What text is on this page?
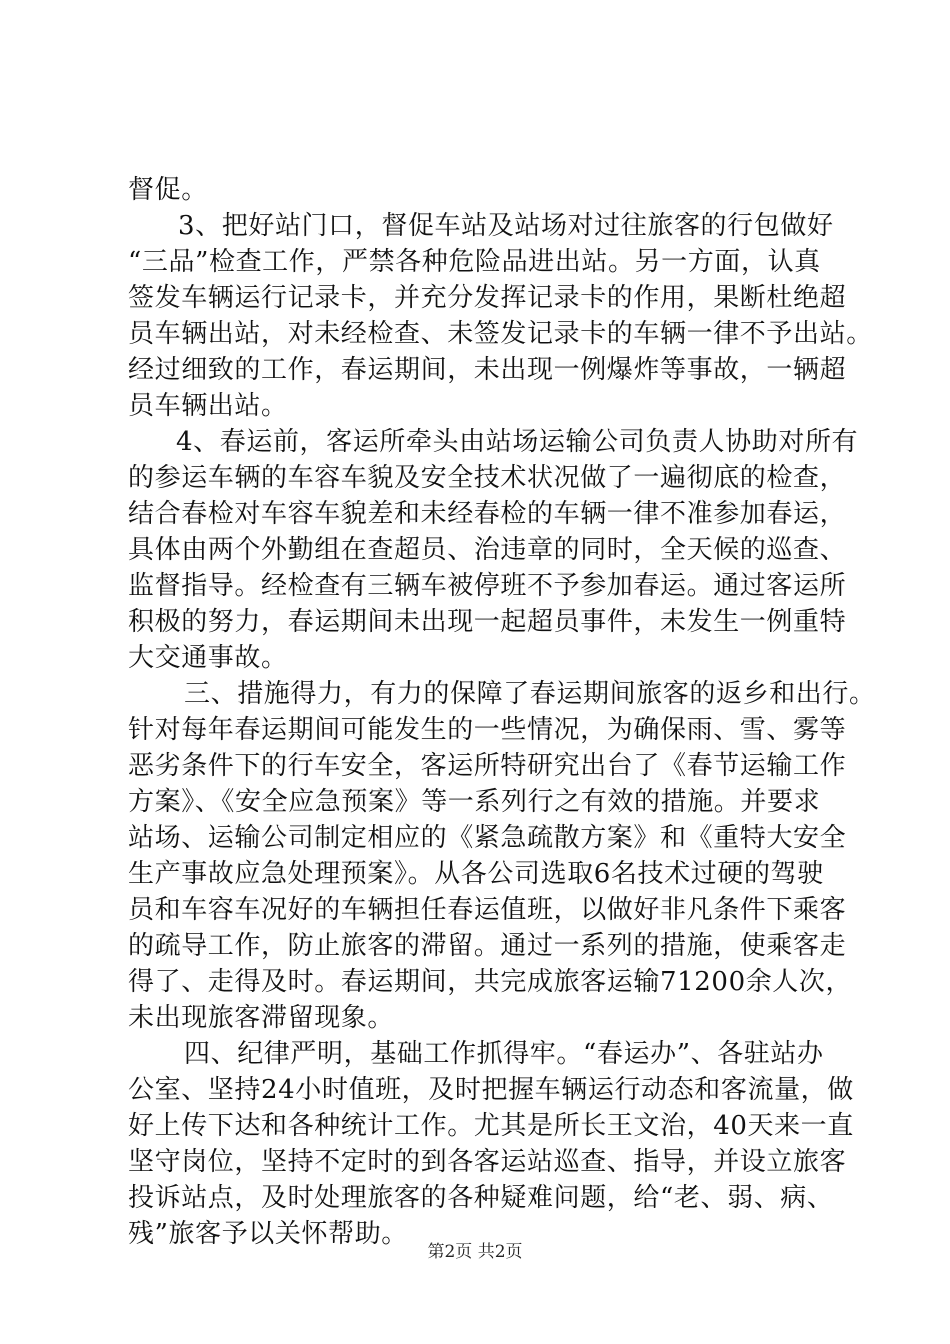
督促。
3、把好站门口，督促车站及站场对过往旅客的行包做好
“三品”检查工作，严禁各种危险品进出站。另一方面，认真
签发车辆运行记录卡，并充分发挥记录卡的作用，果断杜绝超
员车辆出站，对未经检查、未签发记录卡的车辆一律不予出站。
经过细致的工作，春运期间，未出现一例爆炸等事故，一辆超
员车辆出站。
4、春运前，客运所牵头由站场运输公司负责人协助对所有
的参运车辆的车容车貌及安全技术状况做了一遍彻底的检查，
结合春检对车容车貌差和未经春检的车辆一律不准参加春运，
具体由两个外勤组在查超员、治违章的同时，全天候的巡查、
监督指导。经检查有三辆车被停班不予参加春运。通过客运所
积极的努力，春运期间未出现一起超员事件，未发生一例重特
大交通事故。
三、措施得力，有力的保障了春运期间旅客的返乡和出行。
针对每年春运期间可能发生的一些情况，为确保雨、雪、雾等
恶劣条件下的行车安全，客运所特研究出台了《春节运输工作
方案》、《安全应急预案》等一系列行之有效的措施。并要求
站场、运输公司制定相应的《紧急疏散方案》和《重特大安全
生产事故应急处理预案》。从各公司选取6名技术过硬的驾驶
员和车容车况好的车辆担任春运值班，以做好非凡条件下乘客
的疏导工作，防止旅客的滞留。通过一系列的措施，使乘客走
得了、走得及时。春运期间，共完成旅客运输71200余人次，
未出现旅客滞留现象。
四、纪律严明，基础工作抓得牢。“春运办”、各驻站办
公室、坚持24小时值班，及时把握车辆运行动态和客流量，做
好上传下达和各种统计工作。尤其是所长王文治，40天来一直
坚守岗位，坚持不定时的到各客运站巡查、指导，并设立旅客
投诉站点，及时处理旅客的各种疑难问题，给“老、弱、病、
残”旅客予以关怀帮助。
第2页 共2页
